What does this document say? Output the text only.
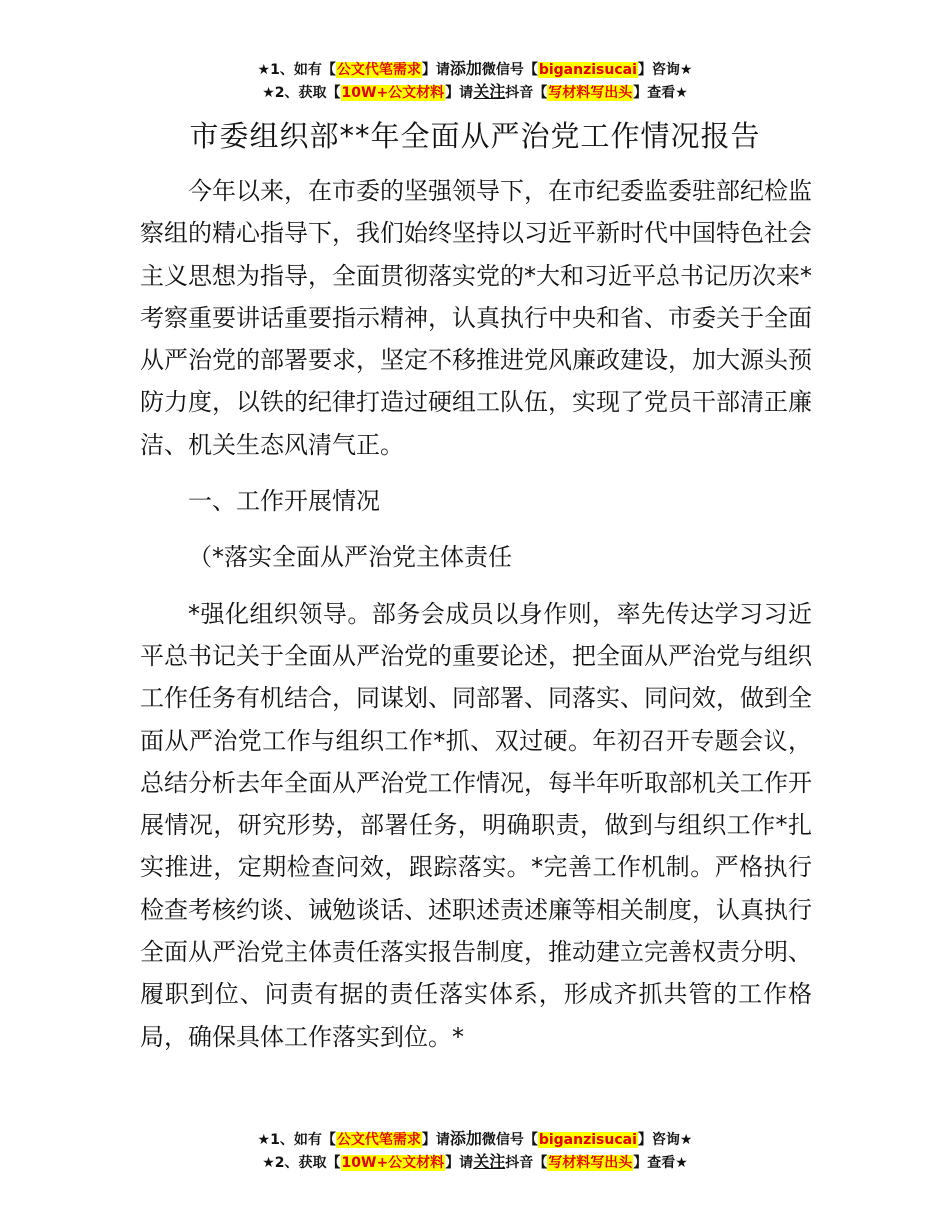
★1、如有【公文代笔需求】请添加微信号【biganzisucai】咨询★
★2、获取【10W+公文材料】请关注抖音【写材料写出头】查看★
市委组织部**年全面从严治党工作情况报告

今年以来，在市委的坚强领导下，在市纪委监委驻部纪检监察组的精心指导下，我们始终坚持以习近平新时代中国特色社会主义思想为指导，全面贯彻落实党的*大和习近平总书记历次来*考察重要讲话重要指示精神，认真执行中央和省、市委关于全面从严治党的部署要求，坚定不移推进党风廉政建设，加大源头预防力度，以铁的纪律打造过硬组工队伍，实现了党员干部清正廉洁、机关生态风清气正。

一、工作开展情况

（*落实全面从严治党主体责任

*强化组织领导。部务会成员以身作则，率先传达学习习近平总书记关于全面从严治党的重要论述，把全面从严治党与组织工作任务有机结合，同谋划、同部署、同落实、同问效，做到全面从严治党工作与组织工作*抓、双过硬。年初召开专题会议，总结分析去年全面从严治党工作情况，每半年听取部机关工作开展情况，研究形势，部署任务，明确职责，做到与组织工作*扎实推进，定期检查问效，跟踪落实。*完善工作机制。严格执行检查考核约谈、诫勉谈话、述职述责述廉等相关制度，认真执行全面从严治党主体责任落实报告制度，推动建立完善权责分明、履职到位、问责有据的责任落实体系，形成齐抓共管的工作格局，确保具体工作落实到位。*

★1、如有【公文代笔需求】请添加微信号【biganzisucai】咨询★
★2、获取【10W+公文材料】请关注抖音【写材料写出头】查看★
